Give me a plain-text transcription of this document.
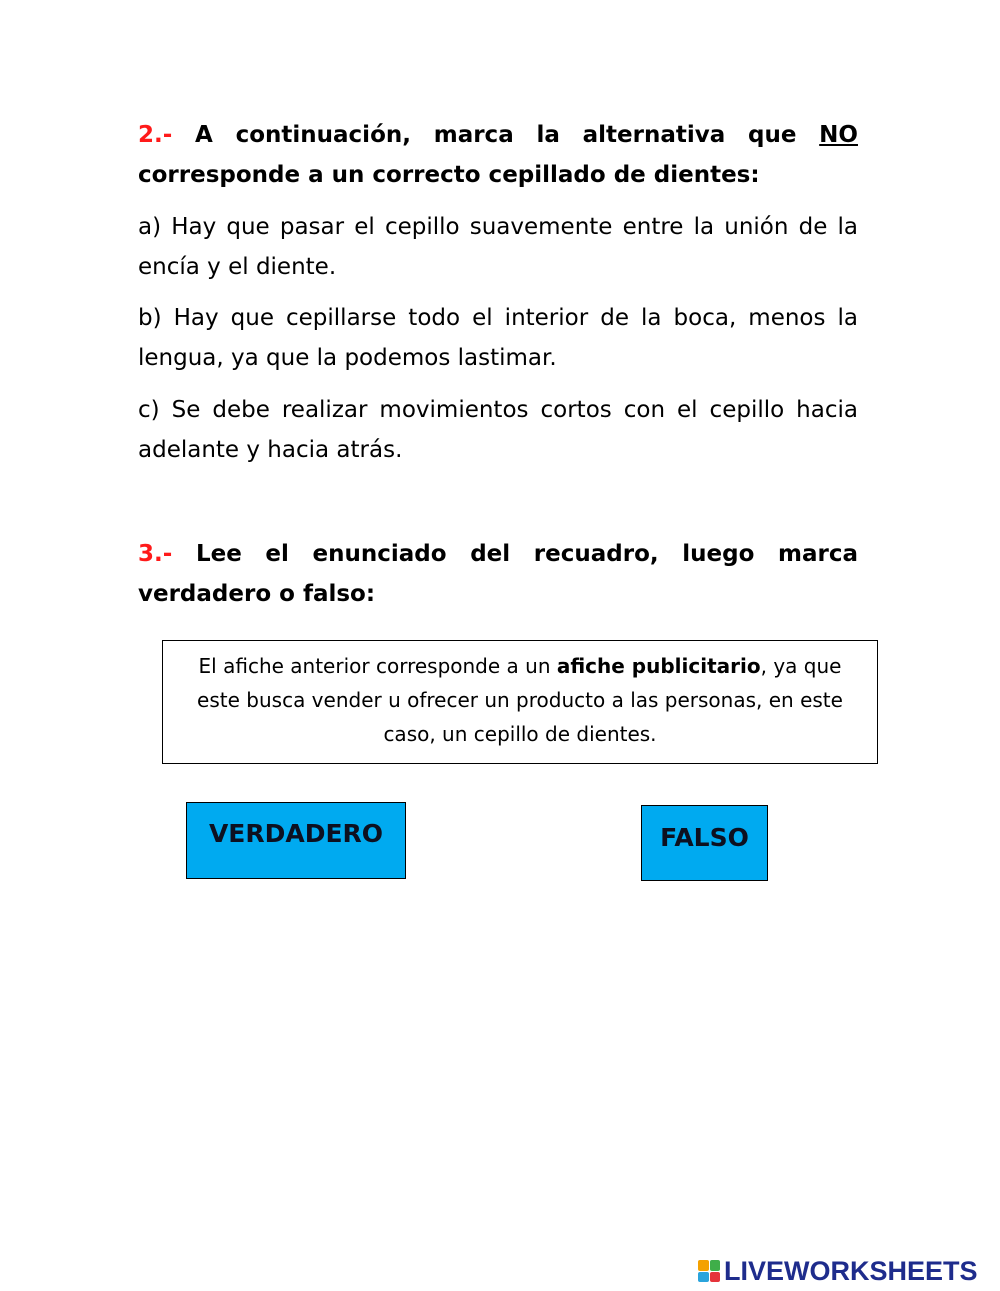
2.- A continuación, marca la alternativa que NO corresponde a un correcto cepillado de dientes:
a) Hay que pasar el cepillo suavemente entre la unión de la encía y el diente.
b) Hay que cepillarse todo el interior de la boca, menos la lengua, ya que la podemos lastimar.
c) Se debe realizar movimientos cortos con el cepillo hacia adelante y hacia atrás.
3.- Lee el enunciado del recuadro, luego marca verdadero o falso:
El afiche anterior corresponde a un afiche publicitario, ya que este busca vender u ofrecer un producto a las personas, en este caso, un cepillo de dientes.
VERDADERO	FALSO
LIVEWORKSHEETS
